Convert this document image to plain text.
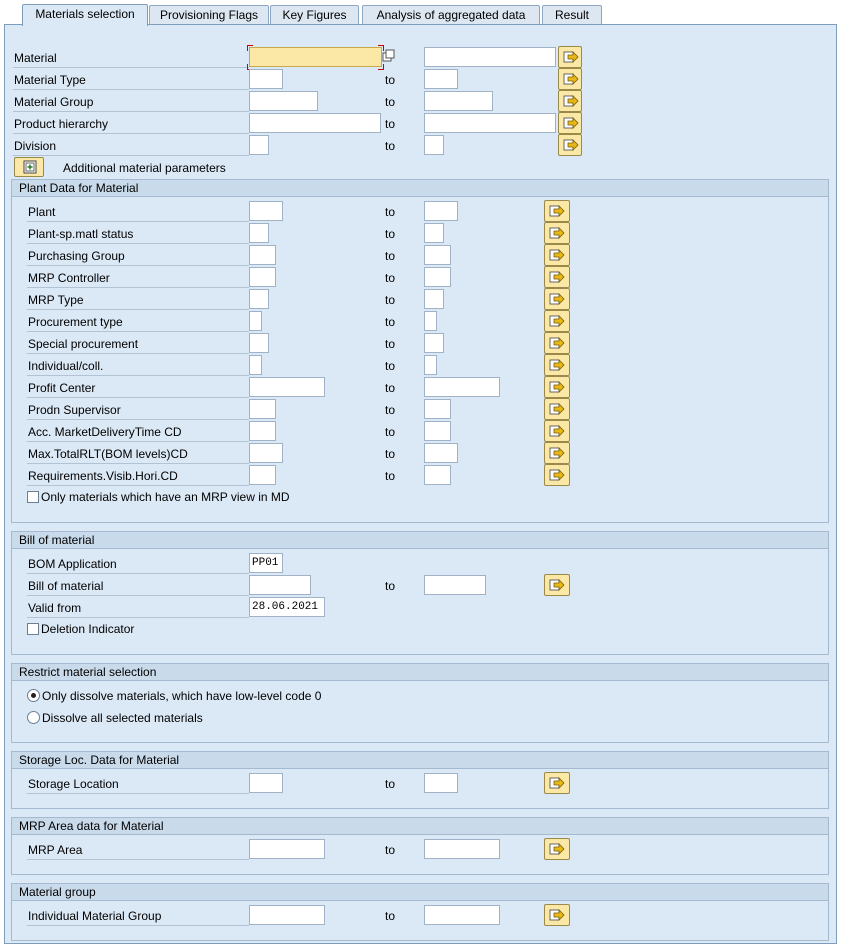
Materials selection	Provisioning Flags	Key Figures	Analysis of aggregated data	Result
Material
Material Type	to
Material Group	to
Product hierarchy	to
Division	to
Additional material parameters
Plant Data for Material
Plant	to
Plant-sp.matl status	to
Purchasing Group	to
MRP Controller	to
MRP Type	to
Procurement type	to
Special procurement	to
Individual/coll.	to
Profit Center	to
Prodn Supervisor	to
Acc. MarketDeliveryTime CD	to
Max.TotalRLT(BOM levels)CD	to
Requirements.Visib.Hori.CD	to
Only materials which have an MRP view in MD
Bill of material
BOM Application	PP01
Bill of material	to
Valid from	28.06.2021
Deletion Indicator
Restrict material selection
Only dissolve materials, which have low-level code 0
Dissolve all selected materials
Storage Loc. Data for Material
Storage Location	to
MRP Area data for Material
MRP Area	to
Material group
Individual Material Group	to
